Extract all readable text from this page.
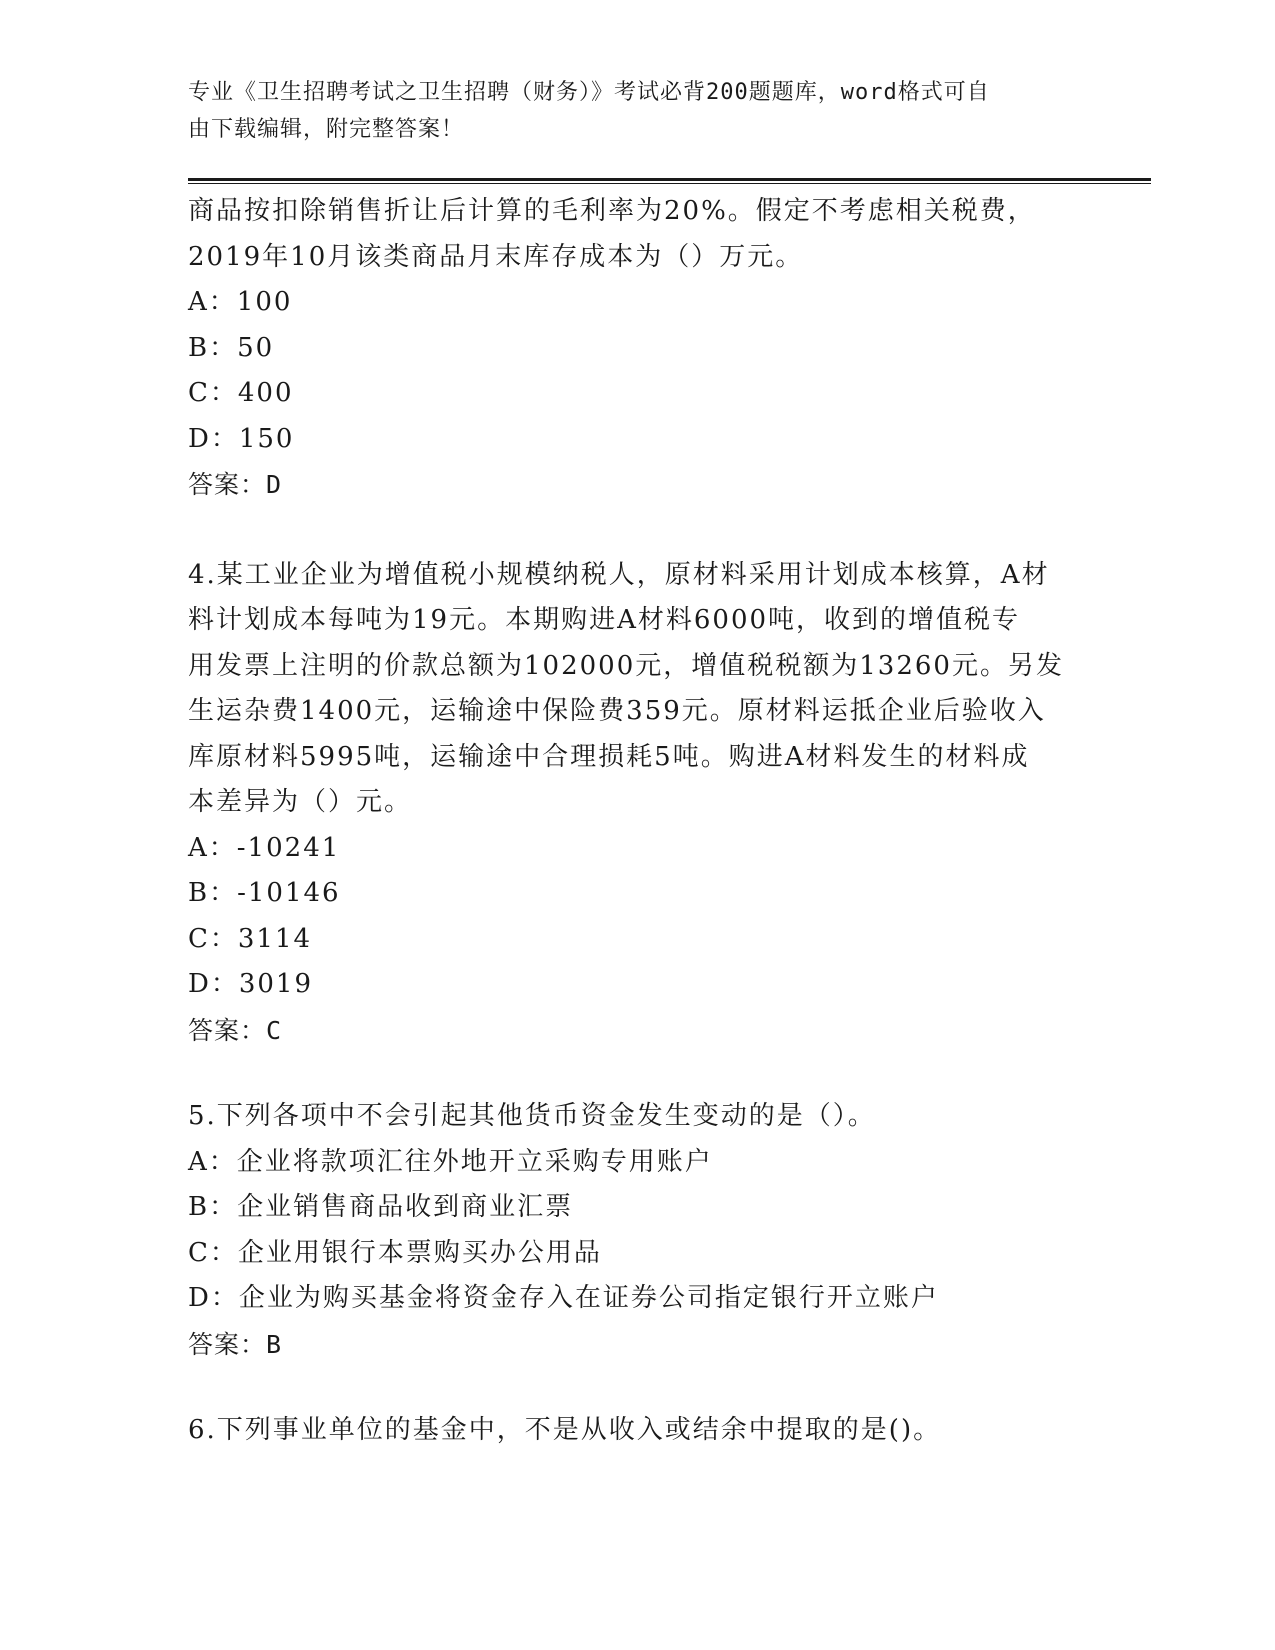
专业《卫生招聘考试之卫生招聘（财务）》考试必背200题题库，word格式可自
由下载编辑，附完整答案！
商品按扣除销售折让后计算的毛利率为20%。假定不考虑相关税费，
2019年10月该类商品月末库存成本为（）万元。
A：100
B：50
C：400
D：150
答案：D
4.某工业企业为增值税小规模纳税人，原材料采用计划成本核算，A材
料计划成本每吨为19元。本期购进A材料6000吨，收到的增值税专
用发票上注明的价款总额为102000元，增值税税额为13260元。另发
生运杂费1400元，运输途中保险费359元。原材料运抵企业后验收入
库原材料5995吨，运输途中合理损耗5吨。购进A材料发生的材料成
本差异为（）元。
A：-10241
B：-10146
C：3114
D：3019
答案：C
5.下列各项中不会引起其他货币资金发生变动的是（）。
A：企业将款项汇往外地开立采购专用账户
B：企业销售商品收到商业汇票
C：企业用银行本票购买办公用品
D：企业为购买基金将资金存入在证券公司指定银行开立账户
答案：B
6.下列事业单位的基金中，不是从收入或结余中提取的是()。
